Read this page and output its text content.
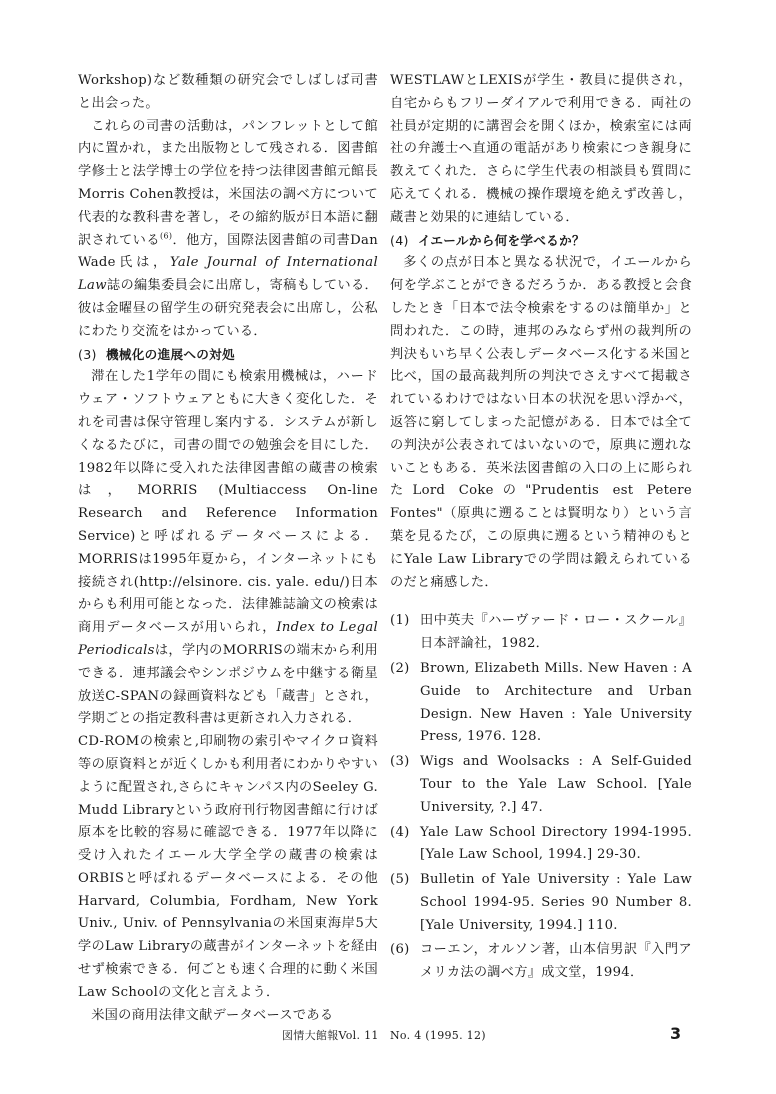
Workshop)など数種類の研究会でしばしば司書と出会った。

これらの司書の活動は，パンフレットとして館内に置かれ，また出版物として残される．図書館学修士と法学博士の学位を持つ法律図書館元館長Morris Cohen教授は，米国法の調べ方について代表的な教科書を著し，その縮約版が日本語に翻訳されている$^{(6)}$．他方，国際法図書館の司書Dan Wade氏は，Yale Journal of International Law誌の編集委員会に出席し，寄稿もしている．彼は金曜昼の留学生の研究発表会に出席し，公私にわたり交流をはかっている．

(3) 機械化の進展への対処

滞在した1学年の間にも検索用機械は，ハードウェア・ソフトウェアともに大きく変化した．それを司書は保守管理し案内する．システムが新しくなるたびに，司書の間での勉強会を目にした．1982年以降に受入れた法律図書館の蔵書の検索は，MORRIS (Multiaccess On-line Research and Reference Information Service)と呼ばれるデータベースによる．MORRISは1995年夏から，インターネットにも接続され(http://elsinore. cis. yale. edu/)日本からも利用可能となった．法律雑誌論文の検索は商用データベースが用いられ，Index to Legal Periodicalsは，学内のMORRISの端末から利用できる．連邦議会やシンポジウムを中継する衛星放送C-SPANの録画資料なども「蔵書」とされ，学期ごとの指定教科書は更新され入力される．

CD-ROMの検索と,印刷物の索引やマイクロ資料等の原資料とが近くしかも利用者にわかりやすいように配置され,さらにキャンパス内のSeeley G. Mudd Libraryという政府刊行物図書館に行けば原本を比較的容易に確認できる．1977年以降に受け入れたイエール大学全学の蔵書の検索はORBISと呼ばれるデータベースによる．その他Harvard, Columbia, Fordham, New York Univ., Univ. of Pennsylvaniaの米国東海岸5大学のLaw Libraryの蔵書がインターネットを経由せず検索できる．何ごとも速く合理的に動く米国Law Schoolの文化と言えよう．

米国の商用法律文献データベースである

WESTLAWとLEXISが学生・教員に提供され，自宅からもフリーダイアルで利用できる．両社の社員が定期的に講習会を開くほか，検索室には両社の弁護士へ直通の電話があり検索につき親身に教えてくれた．さらに学生代表の相談員も質問に応えてくれる．機械の操作環境を絶えず改善し，蔵書と効果的に連結している．

(4) イエールから何を学べるか？

多くの点が日本と異なる状況で，イエールから何を学ぶことができるだろうか．ある教授と会食したとき「日本で法令検索をするのは簡単か」と問われた．この時，連邦のみならず州の裁判所の判決もいち早く公表しデータベース化する米国と比べ，国の最高裁判所の判決でさえすべて掲載されているわけではない日本の状況を思い浮かべ，返答に窮してしまった記憶がある．日本では全ての判決が公表されてはいないので，原典に遡れないこともある．英米法図書館の入口の上に彫られたLord Cokeの"Prudentis est Petere Fontes"（原典に遡ることは賢明なり）という言葉を見るたび，この原典に遡るという精神のもとにYale Law Libraryでの学問は鍛えられているのだと痛感した．

(1) 田中英夫『ハーヴァード・ロー・スクール』日本評論社，1982．
(2) Brown, Elizabeth Mills. New Haven : A Guide to Architecture and Urban Design. New Haven : Yale University Press, 1976. 128.
(3) Wigs and Woolsacks : A Self-Guided Tour to the Yale Law School. [Yale University, ?.] 47.
(4) Yale Law School Directory 1994-1995. [Yale Law School, 1994.] 29-30.
(5) Bulletin of Yale University : Yale Law School 1994-95. Series 90 Number 8. [Yale University, 1994.] 110.
(6) コーエン，オルソン著，山本信男訳『入門アメリカ法の調べ方』成文堂，1994．
図情大館報Vol. 11　No. 4 (1995. 12)	3
